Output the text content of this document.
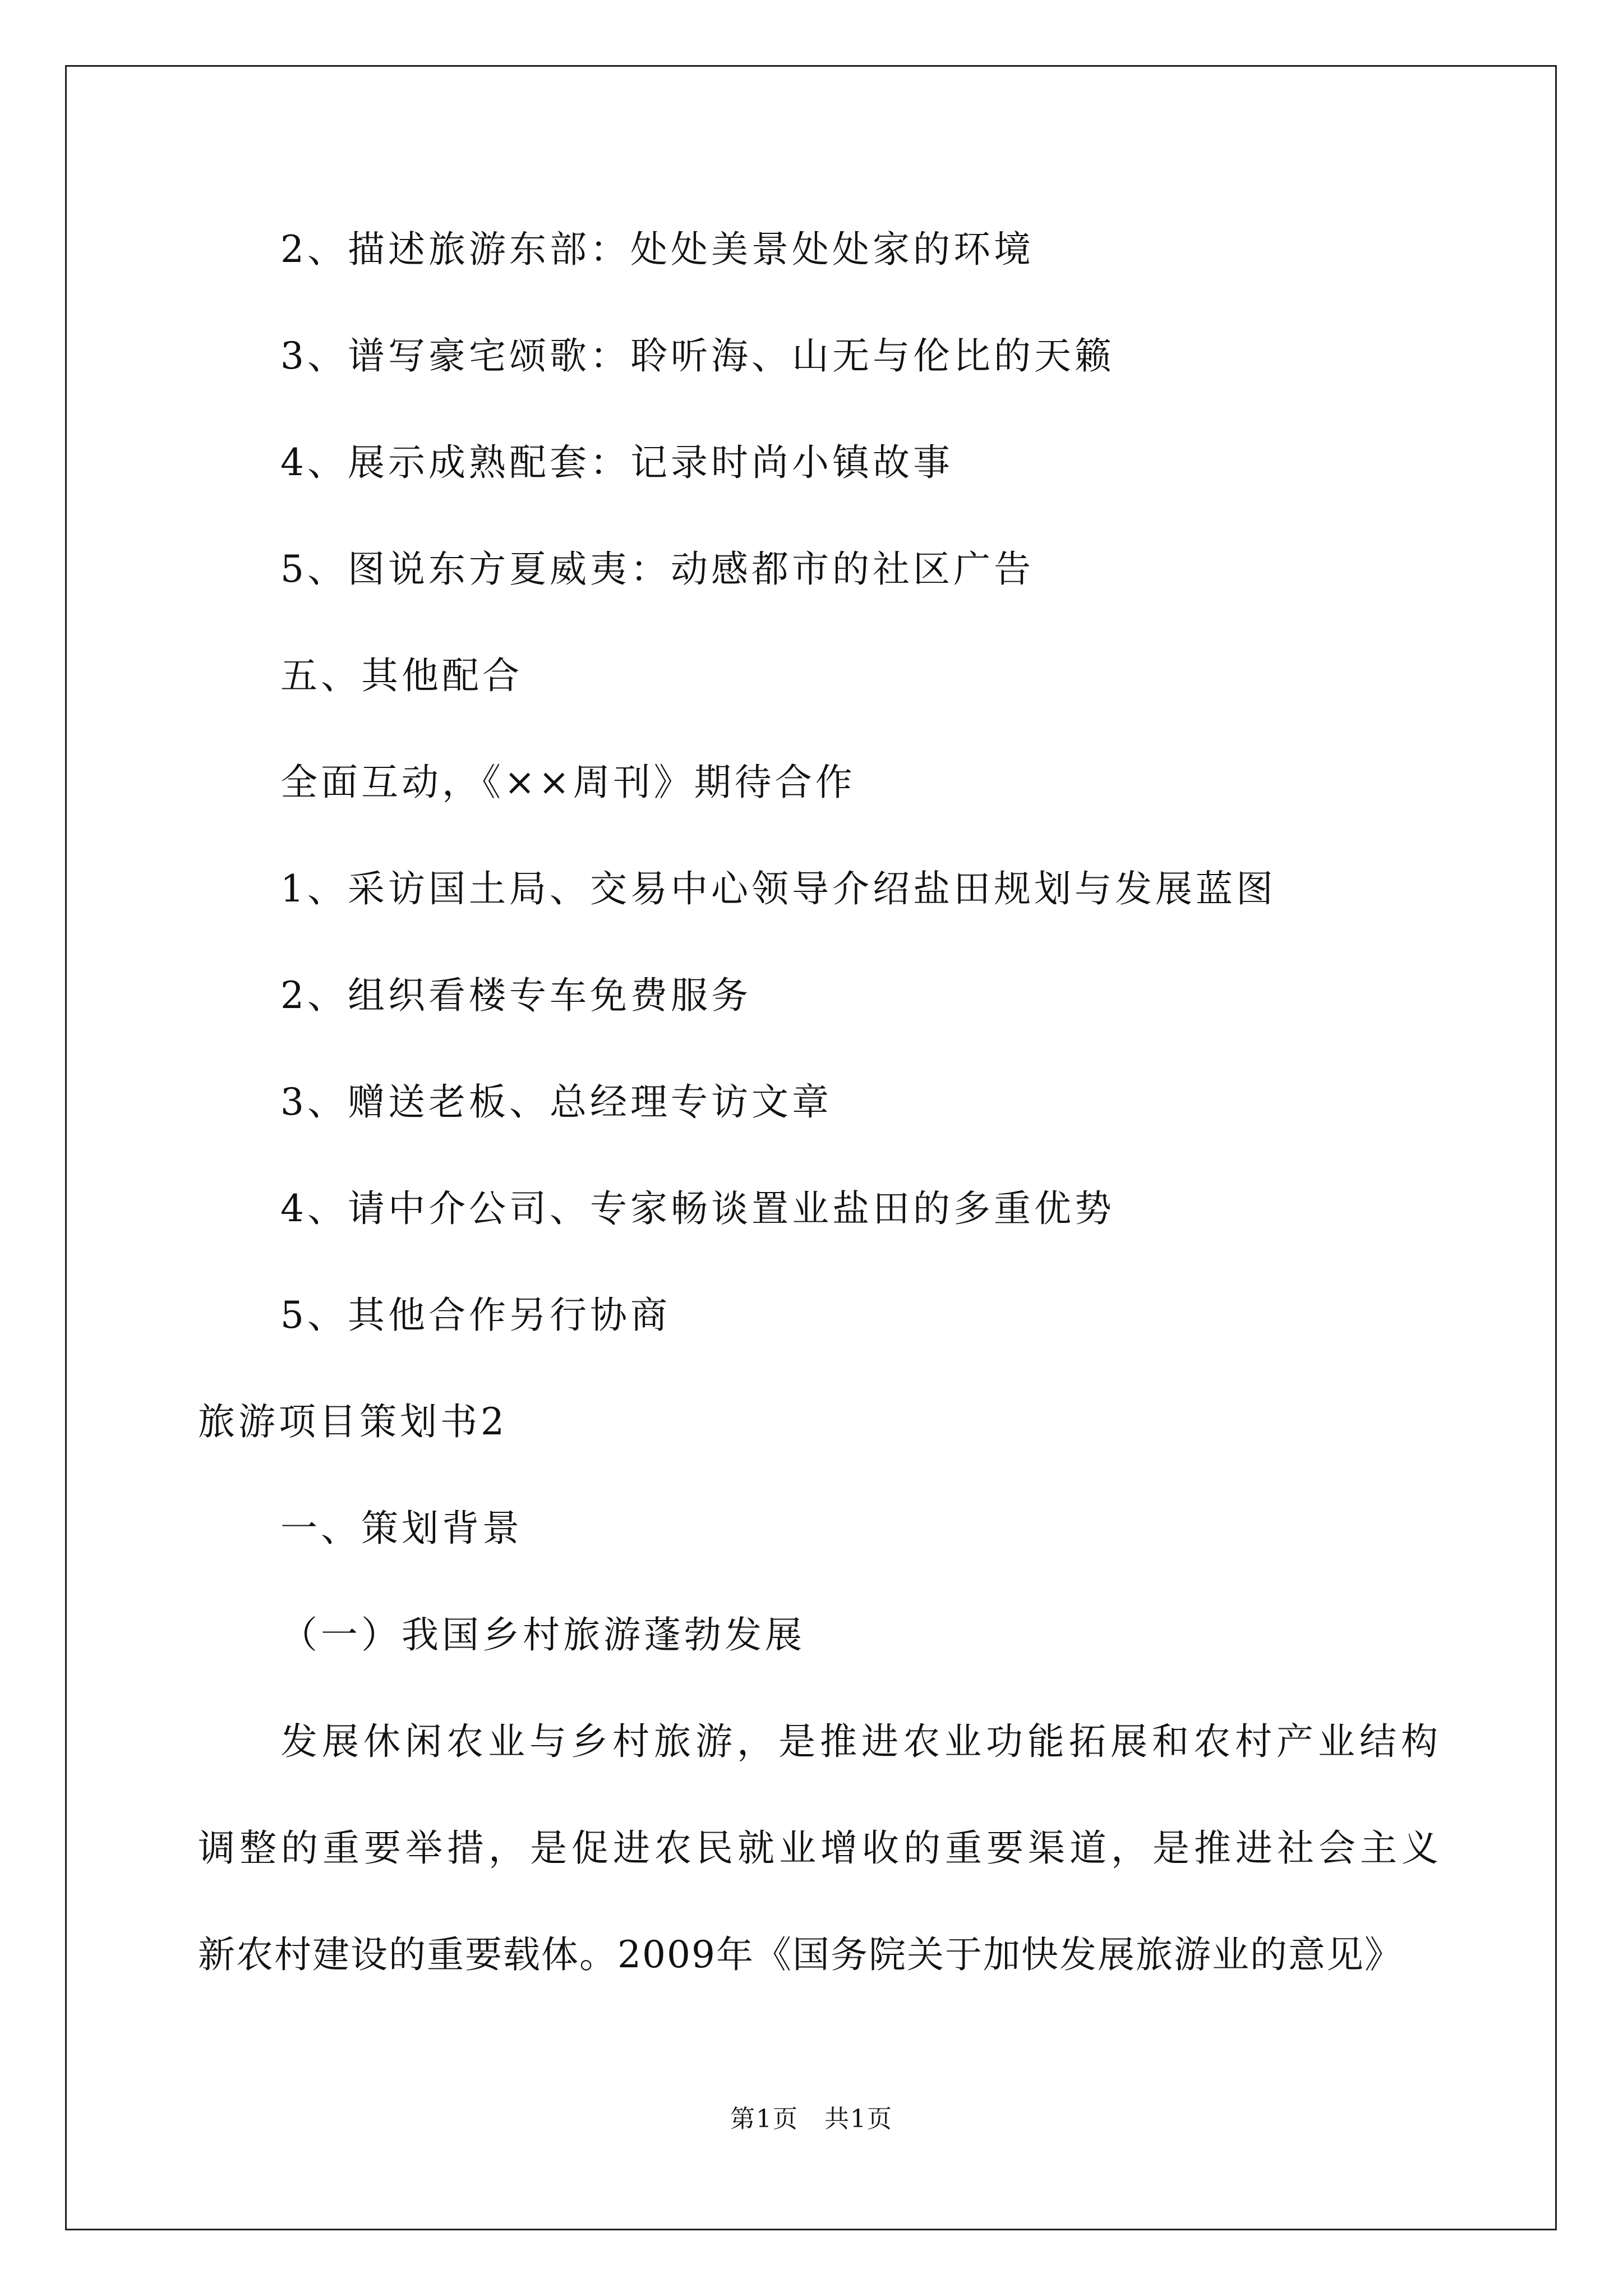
2、描述旅游东部：处处美景处处家的环境
3、谱写豪宅颂歌：聆听海、山无与伦比的天籁
4、展示成熟配套：记录时尚小镇故事
5、图说东方夏威夷：动感都市的社区广告
五、其他配合
全面互动，《××周刊》期待合作
1、采访国土局、交易中心领导介绍盐田规划与发展蓝图
2、组织看楼专车免费服务
3、赠送老板、总经理专访文章
4、请中介公司、专家畅谈置业盐田的多重优势
5、其他合作另行协商
旅游项目策划书2
一、策划背景
（一）我国乡村旅游蓬勃发展
发展休闲农业与乡村旅游，是推进农业功能拓展和农村产业结构
调整的重要举措，是促进农民就业增收的重要渠道，是推进社会主义
新农村建设的重要载体。2009年《国务院关于加快发展旅游业的意见》
第1页　共1页
